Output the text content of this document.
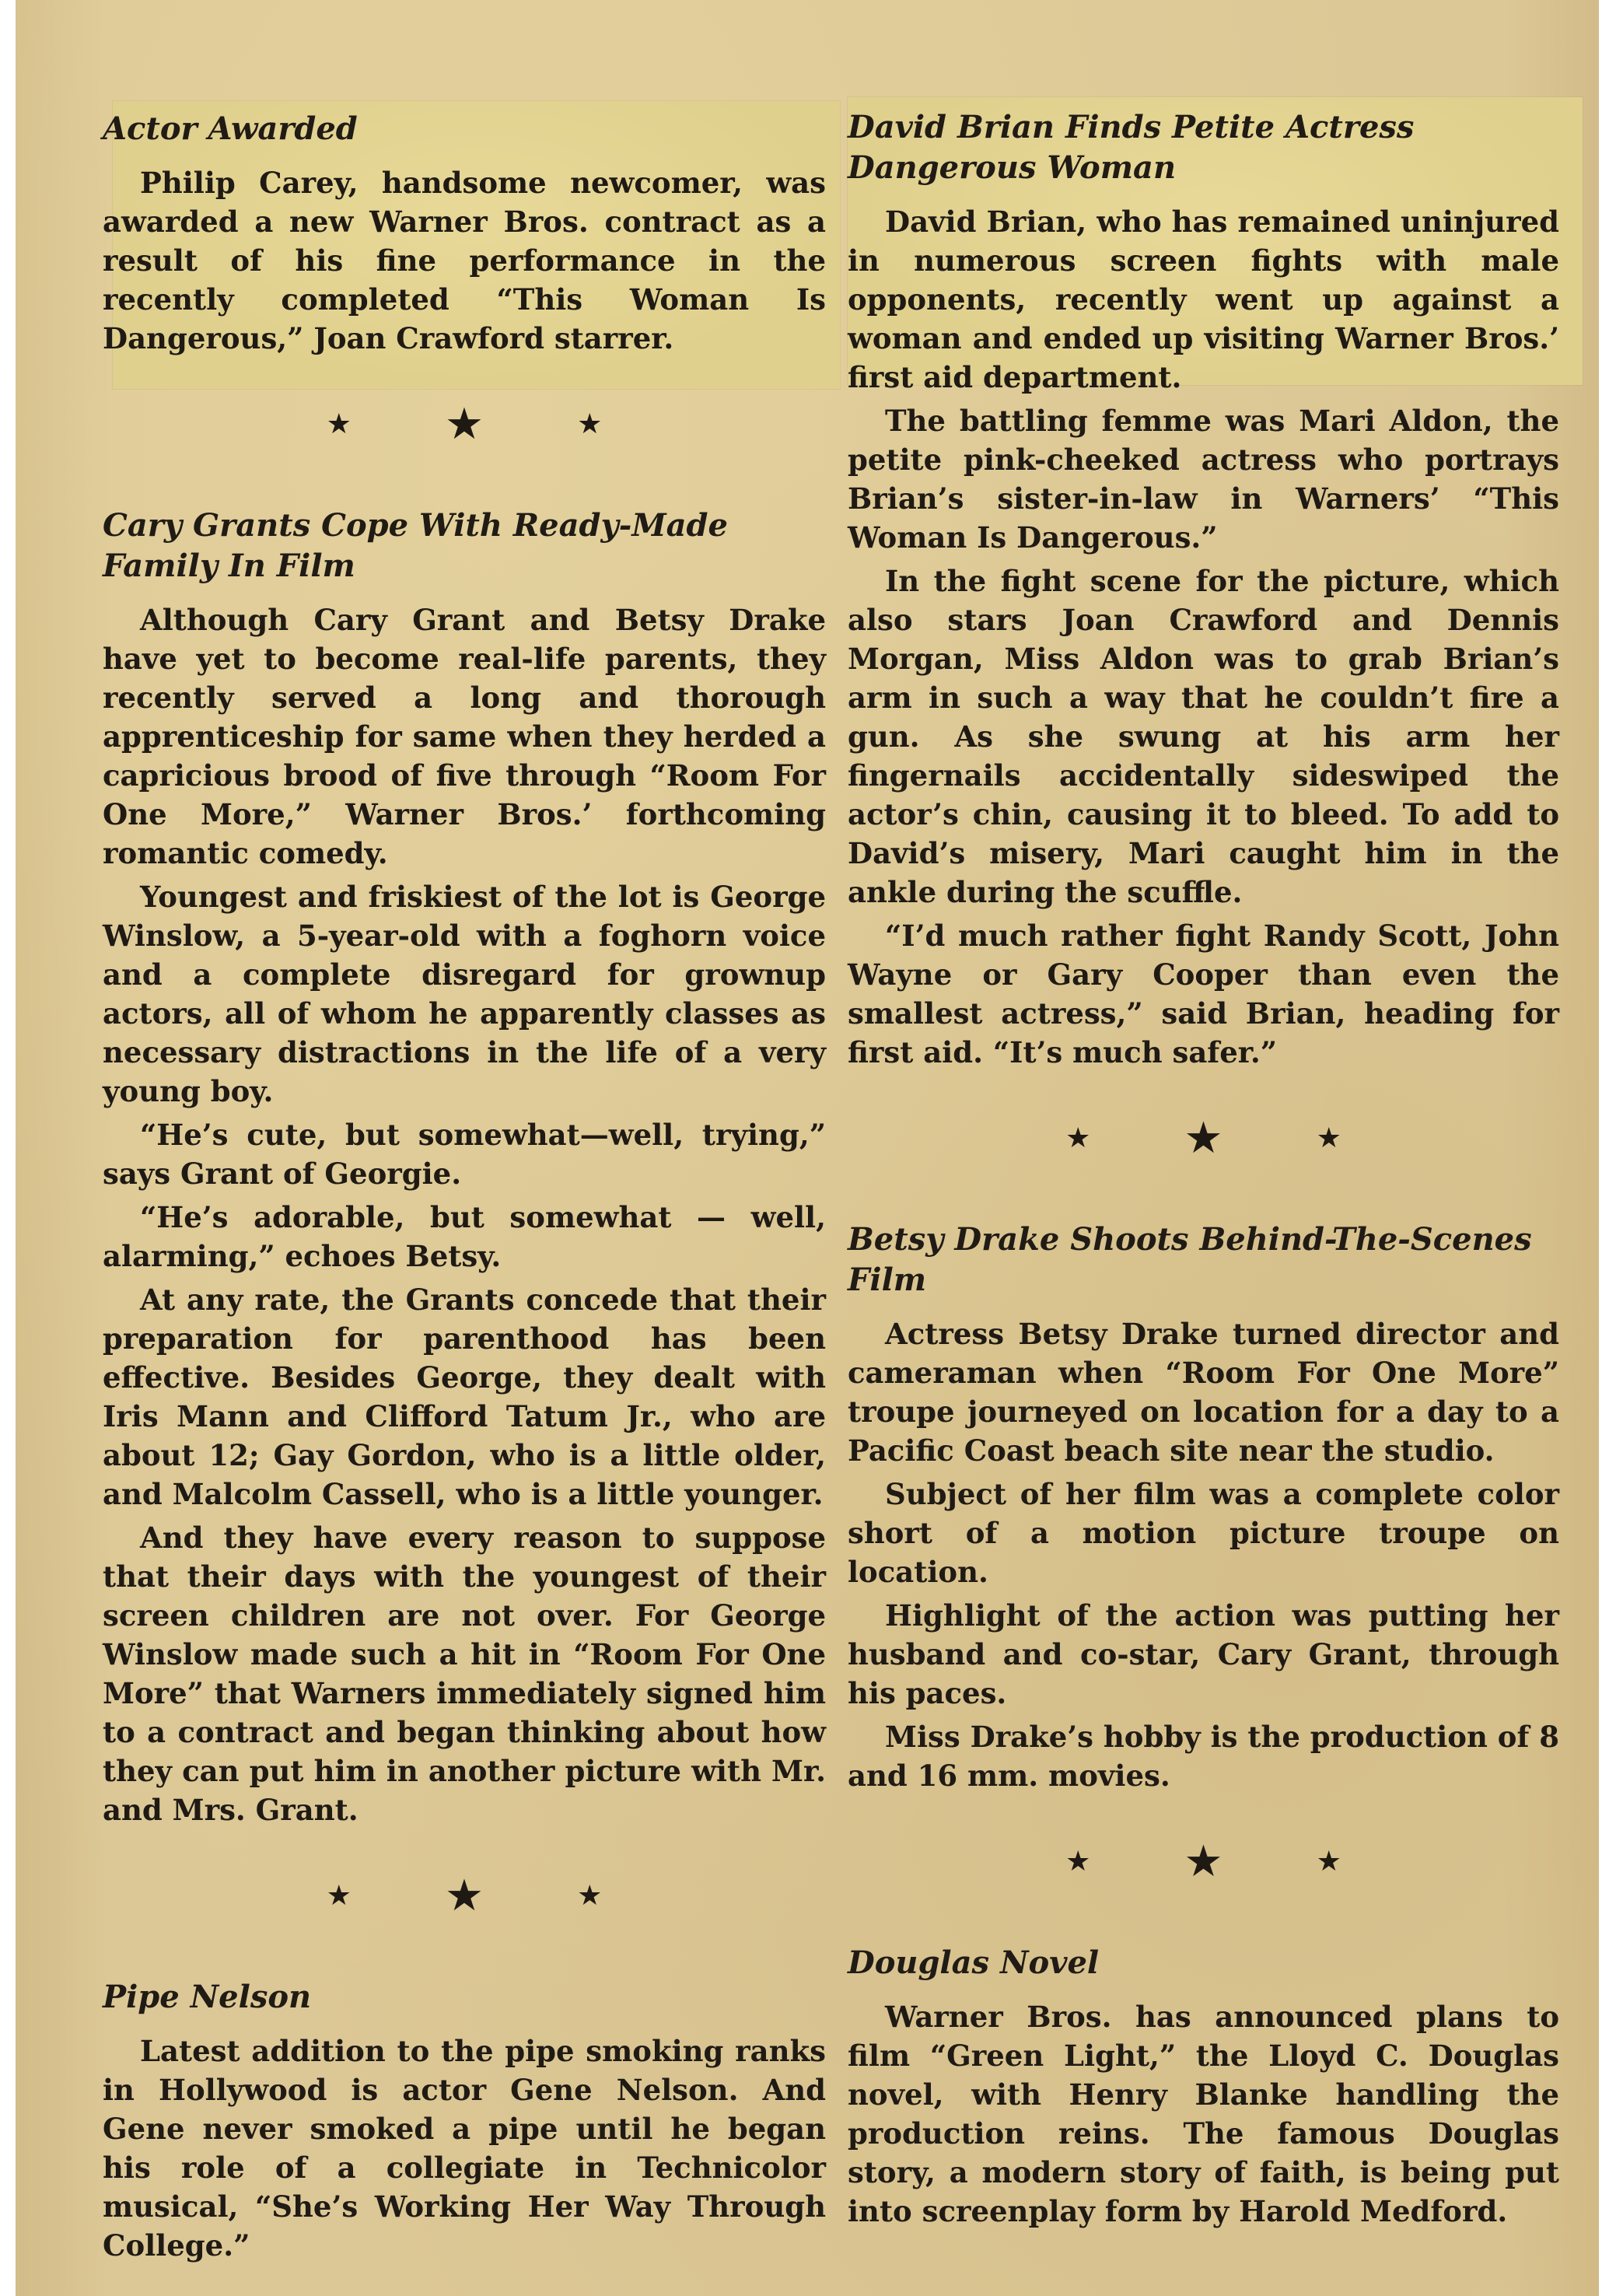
Actor Awarded

Philip Carey, handsome newcomer, was awarded a new Warner Bros. contract as a result of his fine performance in the recently completed “This Woman Is Dangerous,” Joan Crawford starrer.

★ ★	★
Cary Grants Cope With Ready-Made Family In Film

Although Cary Grant and Betsy Drake have yet to become real-life parents, they recently served a long and thorough apprenticeship for same when they herded a capricious brood of five through “Room For One More,” Warner Bros.’ forthcoming romantic comedy.

Youngest and friskiest of the lot is George Winslow, a 5-year-old with a foghorn voice and a complete disregard for grownup actors, all of whom he apparently classes as necessary distractions in the life of a very young boy.

“He’s cute, but somewhat—well, trying,” says Grant of Georgie.

“He’s adorable, but somewhat — well, alarming,” echoes Betsy.

At any rate, the Grants concede that their preparation for parenthood has been effective. Besides George, they dealt with Iris Mann and Clifford Tatum Jr., who are about 12; Gay Gordon, who is a little older, and Malcolm Cassell, who is a little younger.

And they have every reason to suppose that their days with the youngest of their screen children are not over. For George Winslow made such a hit in “Room For One More” that Warners immediately signed him to a contract and began thinking about how they can put him in another picture with Mr. and Mrs. Grant.

★ ★	★
Pipe Nelson

Latest addition to the pipe smoking ranks in Hollywood is actor Gene Nelson. And Gene never smoked a pipe until he began his role of a collegiate in Technicolor musical, “She’s Working Her Way Through College.”

David Brian Finds Petite Actress Dangerous Woman

David Brian, who has remained uninjured in numerous screen fights with male opponents, recently went up against a woman and ended up visiting Warner Bros.’ first aid department.

The battling femme was Mari Aldon, the petite pink-cheeked actress who portrays Brian’s sister-in-law in Warners’ “This Woman Is Dangerous.”

In the fight scene for the picture, which also stars Joan Crawford and Dennis Morgan, Miss Aldon was to grab Brian’s arm in such a way that he couldn’t fire a gun. As she swung at his arm her fingernails accidentally sideswiped the actor’s chin, causing it to bleed. To add to David’s misery, Mari caught him in the ankle during the scuffle.

“I’d much rather fight Randy Scott, John Wayne or Gary Cooper than even the smallest actress,” said Brian, heading for first aid. “It’s much safer.”

★ ★	★
Betsy Drake Shoots Behind-The-Scenes Film

Actress Betsy Drake turned director and cameraman when “Room For One More” troupe journeyed on location for a day to a Pacific Coast beach site near the studio.

Subject of her film was a complete color short of a motion picture troupe on location.

Highlight of the action was putting her husband and co-star, Cary Grant, through his paces.

Miss Drake’s hobby is the production of 8 and 16 mm. movies.

★ ★	★
Douglas Novel

Warner Bros. has announced plans to film “Green Light,” the Lloyd C. Douglas novel, with Henry Blanke handling the production reins. The famous Douglas story, a modern story of faith, is being put into screenplay form by Harold Medford.
